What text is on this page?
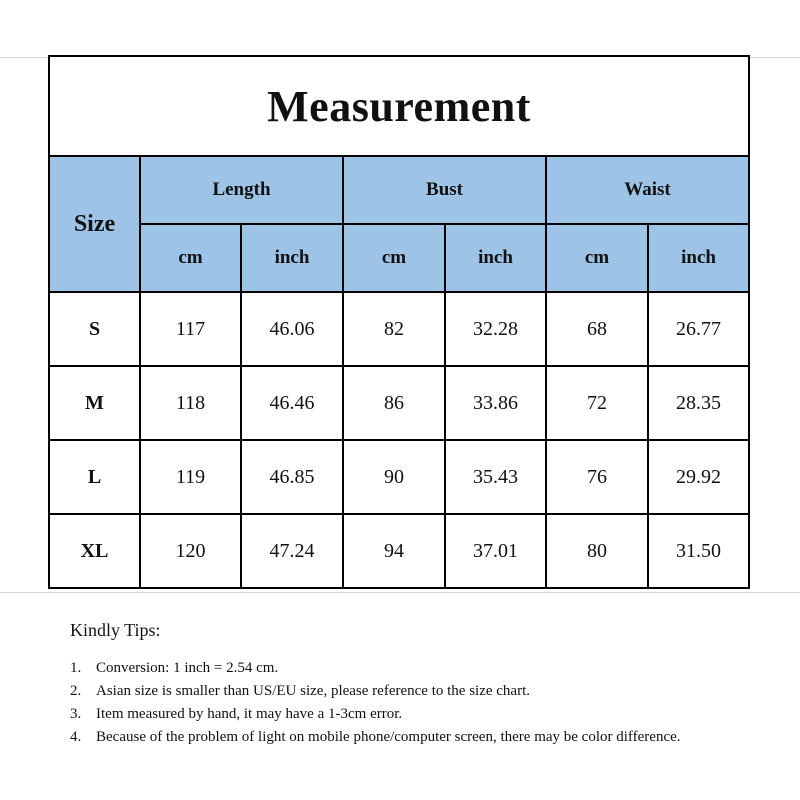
Measurement						
Size	Length		Bust		Waist	
	cm	inch	cm	inch	cm	inch
S	117	46.06	82	32.28	68	26.77
M	118	46.46	86	33.86	72	28.35
L	119	46.85	90	35.43	76	29.92
XL	120	47.24	94	37.01	80	31.50

Kindly Tips:

1. Conversion: 1 inch = 2.54 cm.
2. Asian size is smaller than US/EU size, please reference to the size chart.
3. Item measured by hand, it may have a 1-3cm error.
4. Because of the problem of light on mobile phone/computer screen, there may be color difference.
